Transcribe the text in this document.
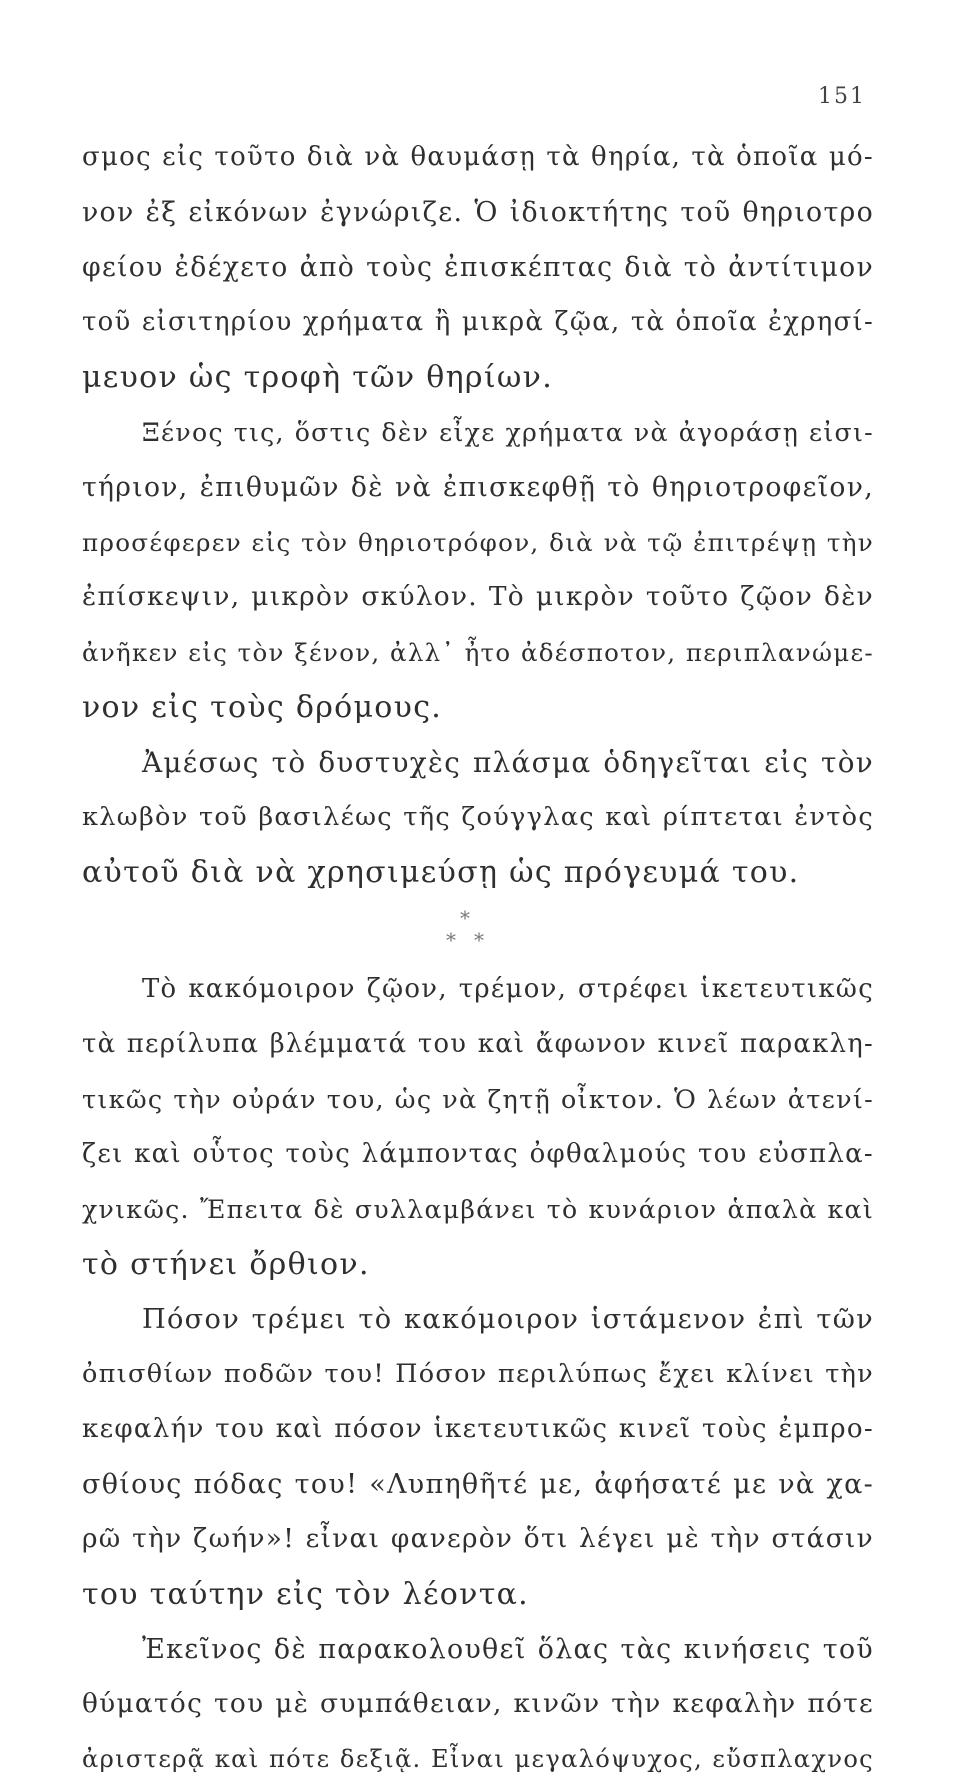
151
σμος εἰς τοῦτο διὰ νὰ θαυμάσῃ τὰ θηρία, τὰ ὁποῖα μό-
νον ἐξ εἰκόνων ἐγνώριζε. Ὁ ἰδιοκτήτης τοῦ θηριοτρο
φείου ἐδέχετο ἀπὸ τοὺς ἐπισκέπτας διὰ τὸ ἀντίτιμον
τοῦ εἰσιτηρίου χρήματα ἢ μικρὰ ζῷα, τὰ ὁποῖα ἐχρησί-
μευον ὡς τροφὴ τῶν θηρίων.
Ξένος τις, ὅστις δὲν εἶχε χρήματα νὰ ἀγοράσῃ εἰσι-
τήριον, ἐπιθυμῶν δὲ νὰ ἐπισκεφθῇ τὸ θηριοτροφεῖον,
προσέφερεν εἰς τὸν θηριοτρόφον, διὰ νὰ τῷ ἐπιτρέψῃ τὴν
ἐπίσκεψιν, μικρὸν σκύλον. Τὸ μικρὸν τοῦτο ζῷον δὲν
ἀνῆκεν εἰς τὸν ξένον, ἀλλ᾽ ἦτο ἀδέσποτον, περιπλανώμε-
νον εἰς τοὺς δρόμους.
Ἀμέσως τὸ δυστυχὲς πλάσμα ὁδηγεῖται εἰς τὸν
κλωβὸν τοῦ βασιλέως τῆς ζούγγλας καὶ ρίπτεται ἐντὸς
αὐτοῦ διὰ νὰ χρησιμεύσῃ ὡς πρόγευμά του.
*
* *
Τὸ κακόμοιρον ζῷον, τρέμον, στρέφει ἱκετευτικῶς
τὰ περίλυπα βλέμματά του καὶ ἄφωνον κινεῖ παρακλη-
τικῶς τὴν οὐράν του, ὡς νὰ ζητῇ οἶκτον. Ὁ λέων ἀτενί-
ζει καὶ οὗτος τοὺς λάμποντας ὀφθαλμούς του εὐσπλα-
χνικῶς. Ἔπειτα δὲ συλλαμβάνει τὸ κυνάριον ἁπαλὰ καὶ
τὸ στήνει ὄρθιον.
Πόσον τρέμει τὸ κακόμοιρον ἱστάμενον ἐπὶ τῶν
ὀπισθίων ποδῶν του! Πόσον περιλύπως ἔχει κλίνει τὴν
κεφαλήν του καὶ πόσον ἱκετευτικῶς κινεῖ τοὺς ἐμπρο-
σθίους πόδας του! «Λυπηθῆτέ με, ἀφήσατέ με νὰ χα-
ρῶ τὴν ζωήν»! εἶναι φανερὸν ὅτι λέγει μὲ τὴν στάσιν
του ταύτην εἰς τὸν λέοντα.
Ἐκεῖνος δὲ παρακολουθεῖ ὅλας τὰς κινήσεις τοῦ
θύματός του μὲ συμπάθειαν, κινῶν τὴν κεφαλὴν πότε
ἀριστερᾷ καὶ πότε δεξιᾷ. Εἶναι μεγαλόψυχος, εὔσπλαχνος
